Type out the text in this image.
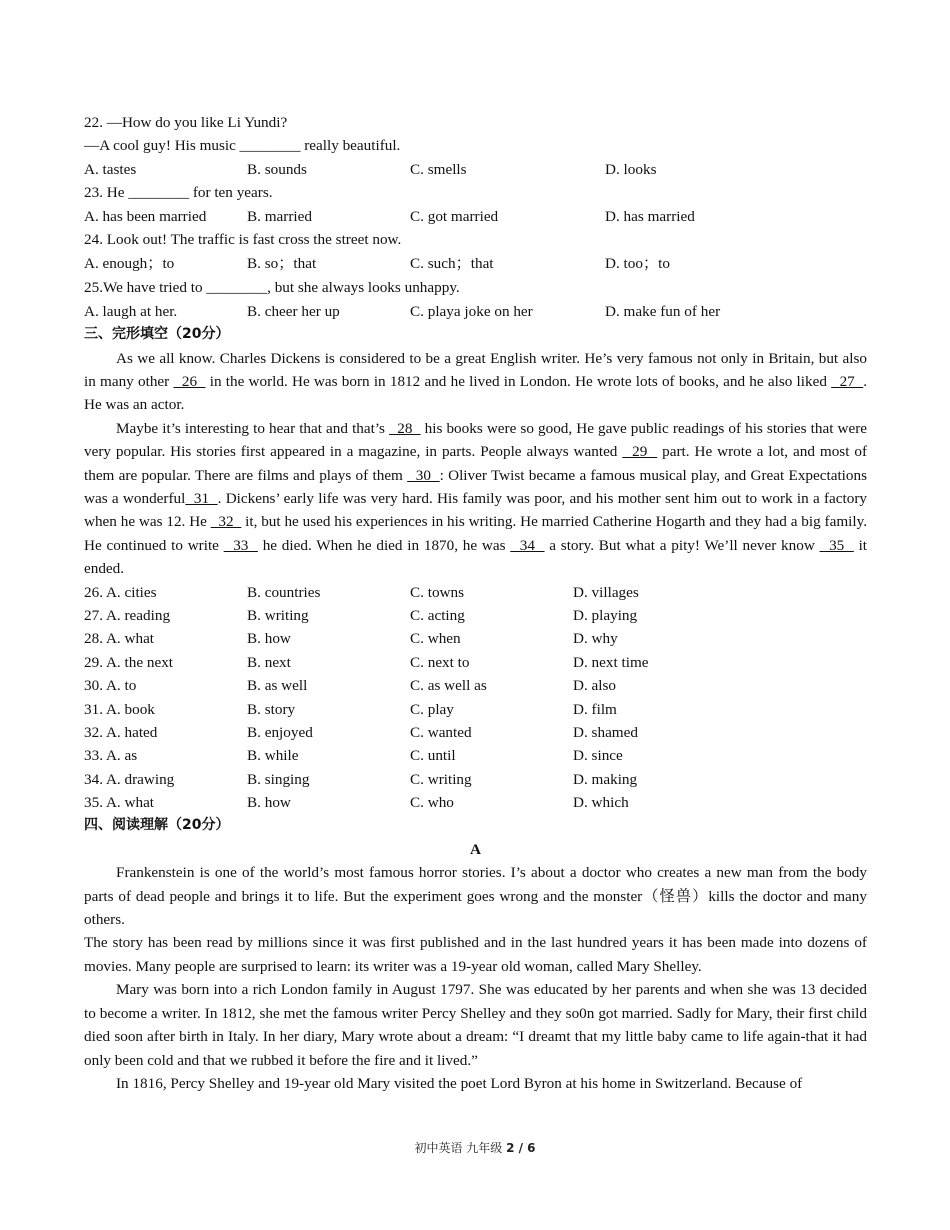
22. —How do you like Li Yundi?
—A cool guy! His music ________ really beautiful.
A. tastes	B. sounds	C. smells	D. looks
23. He ________ for ten years.
A. has been married	B. married	C. got married	D. has married
24. Look out! The traffic is fast cross the street now.
A. enough；to	B. so；that	C. such；that	D. too；to
25.We have tried to ________, but she always looks unhappy.
A. laugh at her.	B. cheer her up	C. playa joke on her	D. make fun of her
三、完形填空（20分）
As we all know. Charles Dickens is considered to be a great English writer. He’s very famous not only in Britain, but also in many other   26   in the world. He was born in 1812 and he lived in London. He wrote lots of books, and he also liked   27  . He was an actor.
Maybe it’s interesting to hear that and that’s   28   his books were so good, He gave public readings of his stories that were very popular. His stories first appeared in a magazine, in parts. People always wanted   29   part. He wrote a lot, and most of them are popular. There are films and plays of them   30  : Oliver Twist became a famous musical play, and Great Expectations was a wonderful  31  . Dickens’ early life was very hard. His family was poor, and his mother sent him out to work in a factory when he was 12. He   32   it, but he used his experiences in his writing. He married Catherine Hogarth and they had a big family. He continued to write   33   he died. When he died in 1870, he was   34   a story. But what a pity! We’ll never know   35   it ended.
26. A. cities	B. countries	C. towns	D. villages
27. A. reading	B. writing	C. acting	D. playing
28. A. what	B. how	C. when	D. why
29. A. the next	B. next	C. next to	D. next time
30. A. to	B. as well	C. as well as	D. also
31. A. book	B. story	C. play	D. film
32. A. hated	B. enjoyed	C. wanted	D. shamed
33. A. as	B. while	C. until	D. since
34. A. drawing	B. singing	C. writing	D. making
35. A. what	B. how	C. who	D. which
四、阅读理解（20分）
A
Frankenstein is one of the world’s most famous horror stories. I’s about a doctor who creates a new man from the body parts of dead people and brings it to life. But the experiment goes wrong and the monster（怪兽）kills the doctor and many others.
The story has been read by millions since it was first published and in the last hundred years it has been made into dozens of movies. Many people are surprised to learn: its writer was a 19-year old woman, called Mary Shelley.
Mary was born into a rich London family in August 1797. She was educated by her parents and when she was 13 decided to become a writer. In 1812, she met the famous writer Percy Shelley and they so0n got married. Sadly for Mary, their first child died soon after birth in Italy. In her diary, Mary wrote about a dream: “I dreamt that my little baby came to life again-that it had only been cold and that we rubbed it before the fire and it lived.”
In 1816, Percy Shelley and 19-year old Mary visited the poet Lord Byron at his home in Switzerland. Because of
初中英语 九年级 2 / 6
